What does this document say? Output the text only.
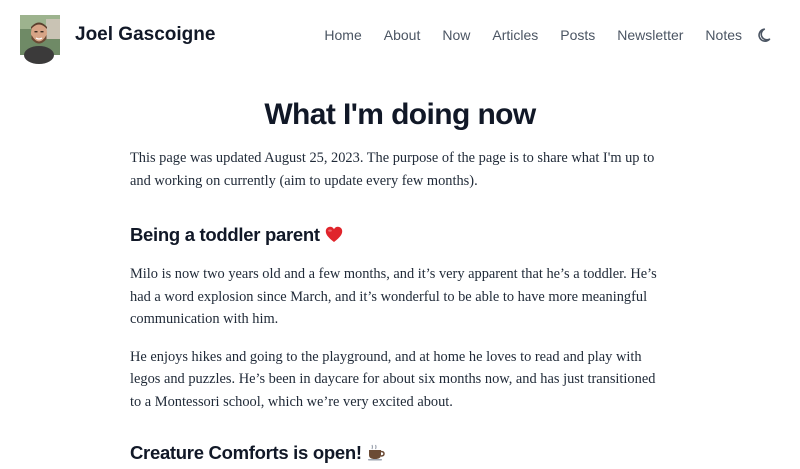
Joel Gascoigne	Home About Now Articles Posts Newsletter Notes
What I'm doing now

This page was updated August 25, 2023. The purpose of the page is to share what I'm up to and working on currently (aim to update every few months).

Being a toddler parent

Milo is now two years old and a few months, and it’s very apparent that he’s a toddler. He’s had a word explosion since March, and it’s wonderful to be able to have more meaningful communication with him.

He enjoys hikes and going to the playground, and at home he loves to read and play with legos and puzzles. He’s been in daycare for about six months now, and has just transitioned to a Montessori school, which we’re very excited about.

Creature Comforts is open!
